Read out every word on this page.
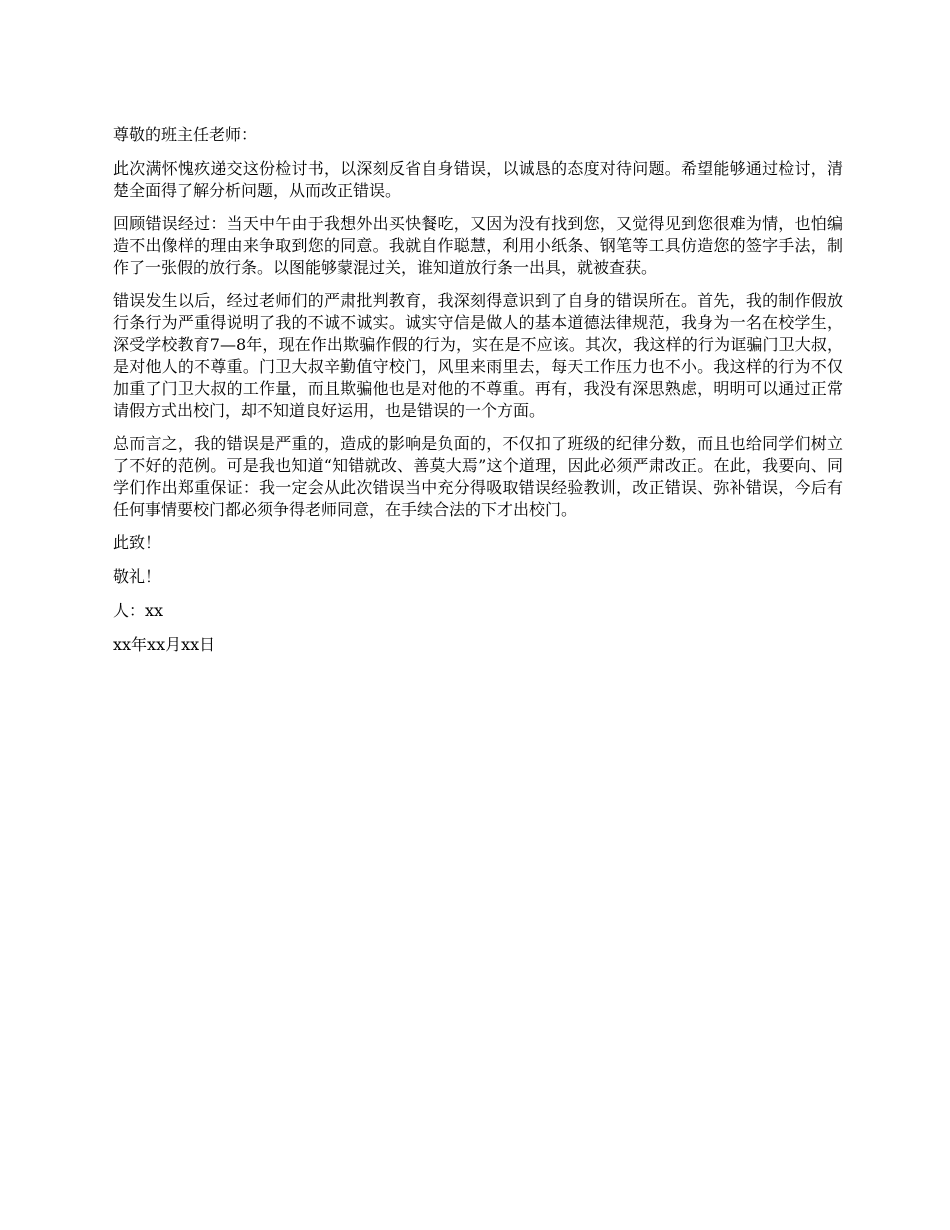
尊敬的班主任老师：

此次满怀愧疚递交这份检讨书，以深刻反省自身错误，以诚恳的态度对待问题。希望能够通过检讨，清楚全面得了解分析问题，从而改正错误。

回顾错误经过：当天中午由于我想外出买快餐吃，又因为没有找到您，又觉得见到您很难为情，也怕编造不出像样的理由来争取到您的同意。我就自作聪慧，利用小纸条、钢笔等工具仿造您的签字手法，制作了一张假的放行条。以图能够蒙混过关，谁知道放行条一出具，就被查获。

错误发生以后，经过老师们的严肃批判教育，我深刻得意识到了自身的错误所在。首先，我的制作假放行条行为严重得说明了我的不诚不诚实。诚实守信是做人的基本道德法律规范，我身为一名在校学生，深受学校教育7—8年，现在作出欺骗作假的行为，实在是不应该。其次，我这样的行为诓骗门卫大叔，是对他人的不尊重。门卫大叔辛勤值守校门，风里来雨里去，每天工作压力也不小。我这样的行为不仅加重了门卫大叔的工作量，而且欺骗他也是对他的不尊重。再有，我没有深思熟虑，明明可以通过正常请假方式出校门，却不知道良好运用，也是错误的一个方面。

总而言之，我的错误是严重的，造成的影响是负面的，不仅扣了班级的纪律分数，而且也给同学们树立了不好的范例。可是我也知道“知错就改、善莫大焉”这个道理，因此必须严肃改正。在此，我要向、同学们作出郑重保证：我一定会从此次错误当中充分得吸取错误经验教训，改正错误、弥补错误，今后有任何事情要校门都必须争得老师同意，在手续合法的下才出校门。

此致！

敬礼！

人：xx

xx年xx月xx日
